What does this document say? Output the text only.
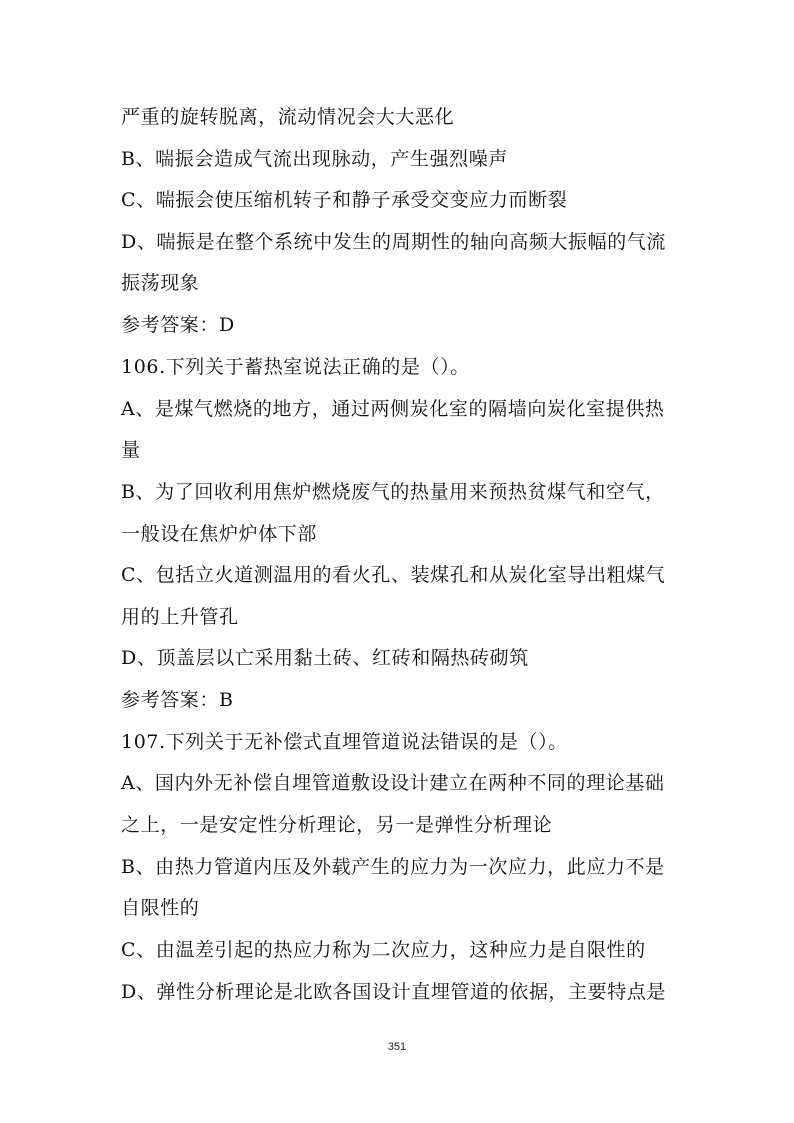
严重的旋转脱离，流动情况会大大恶化
B、喘振会造成气流出现脉动，产生强烈噪声
C、喘振会使压缩机转子和静子承受交变应力而断裂
D、喘振是在整个系统中发生的周期性的轴向高频大振幅的气流
振荡现象
参考答案：D
106.下列关于蓄热室说法正确的是（）。
A、是煤气燃烧的地方，通过两侧炭化室的隔墙向炭化室提供热
量
B、为了回收利用焦炉燃烧废气的热量用来预热贫煤气和空气，
一般设在焦炉炉体下部
C、包括立火道测温用的看火孔、装煤孔和从炭化室导出粗煤气
用的上升管孔
D、顶盖层以亡采用黏土砖、红砖和隔热砖砌筑
参考答案：B
107.下列关于无补偿式直埋管道说法错误的是（）。
A、国内外无补偿自埋管道敷设设计建立在两种不同的理论基础
之上，一是安定性分析理论，另一是弹性分析理论
B、由热力管道内压及外载产生的应力为一次应力，此应力不是
自限性的
C、由温差引起的热应力称为二次应力，这种应力是自限性的
D、弹性分析理论是北欧各国设计直埋管道的依据，主要特点是
351
